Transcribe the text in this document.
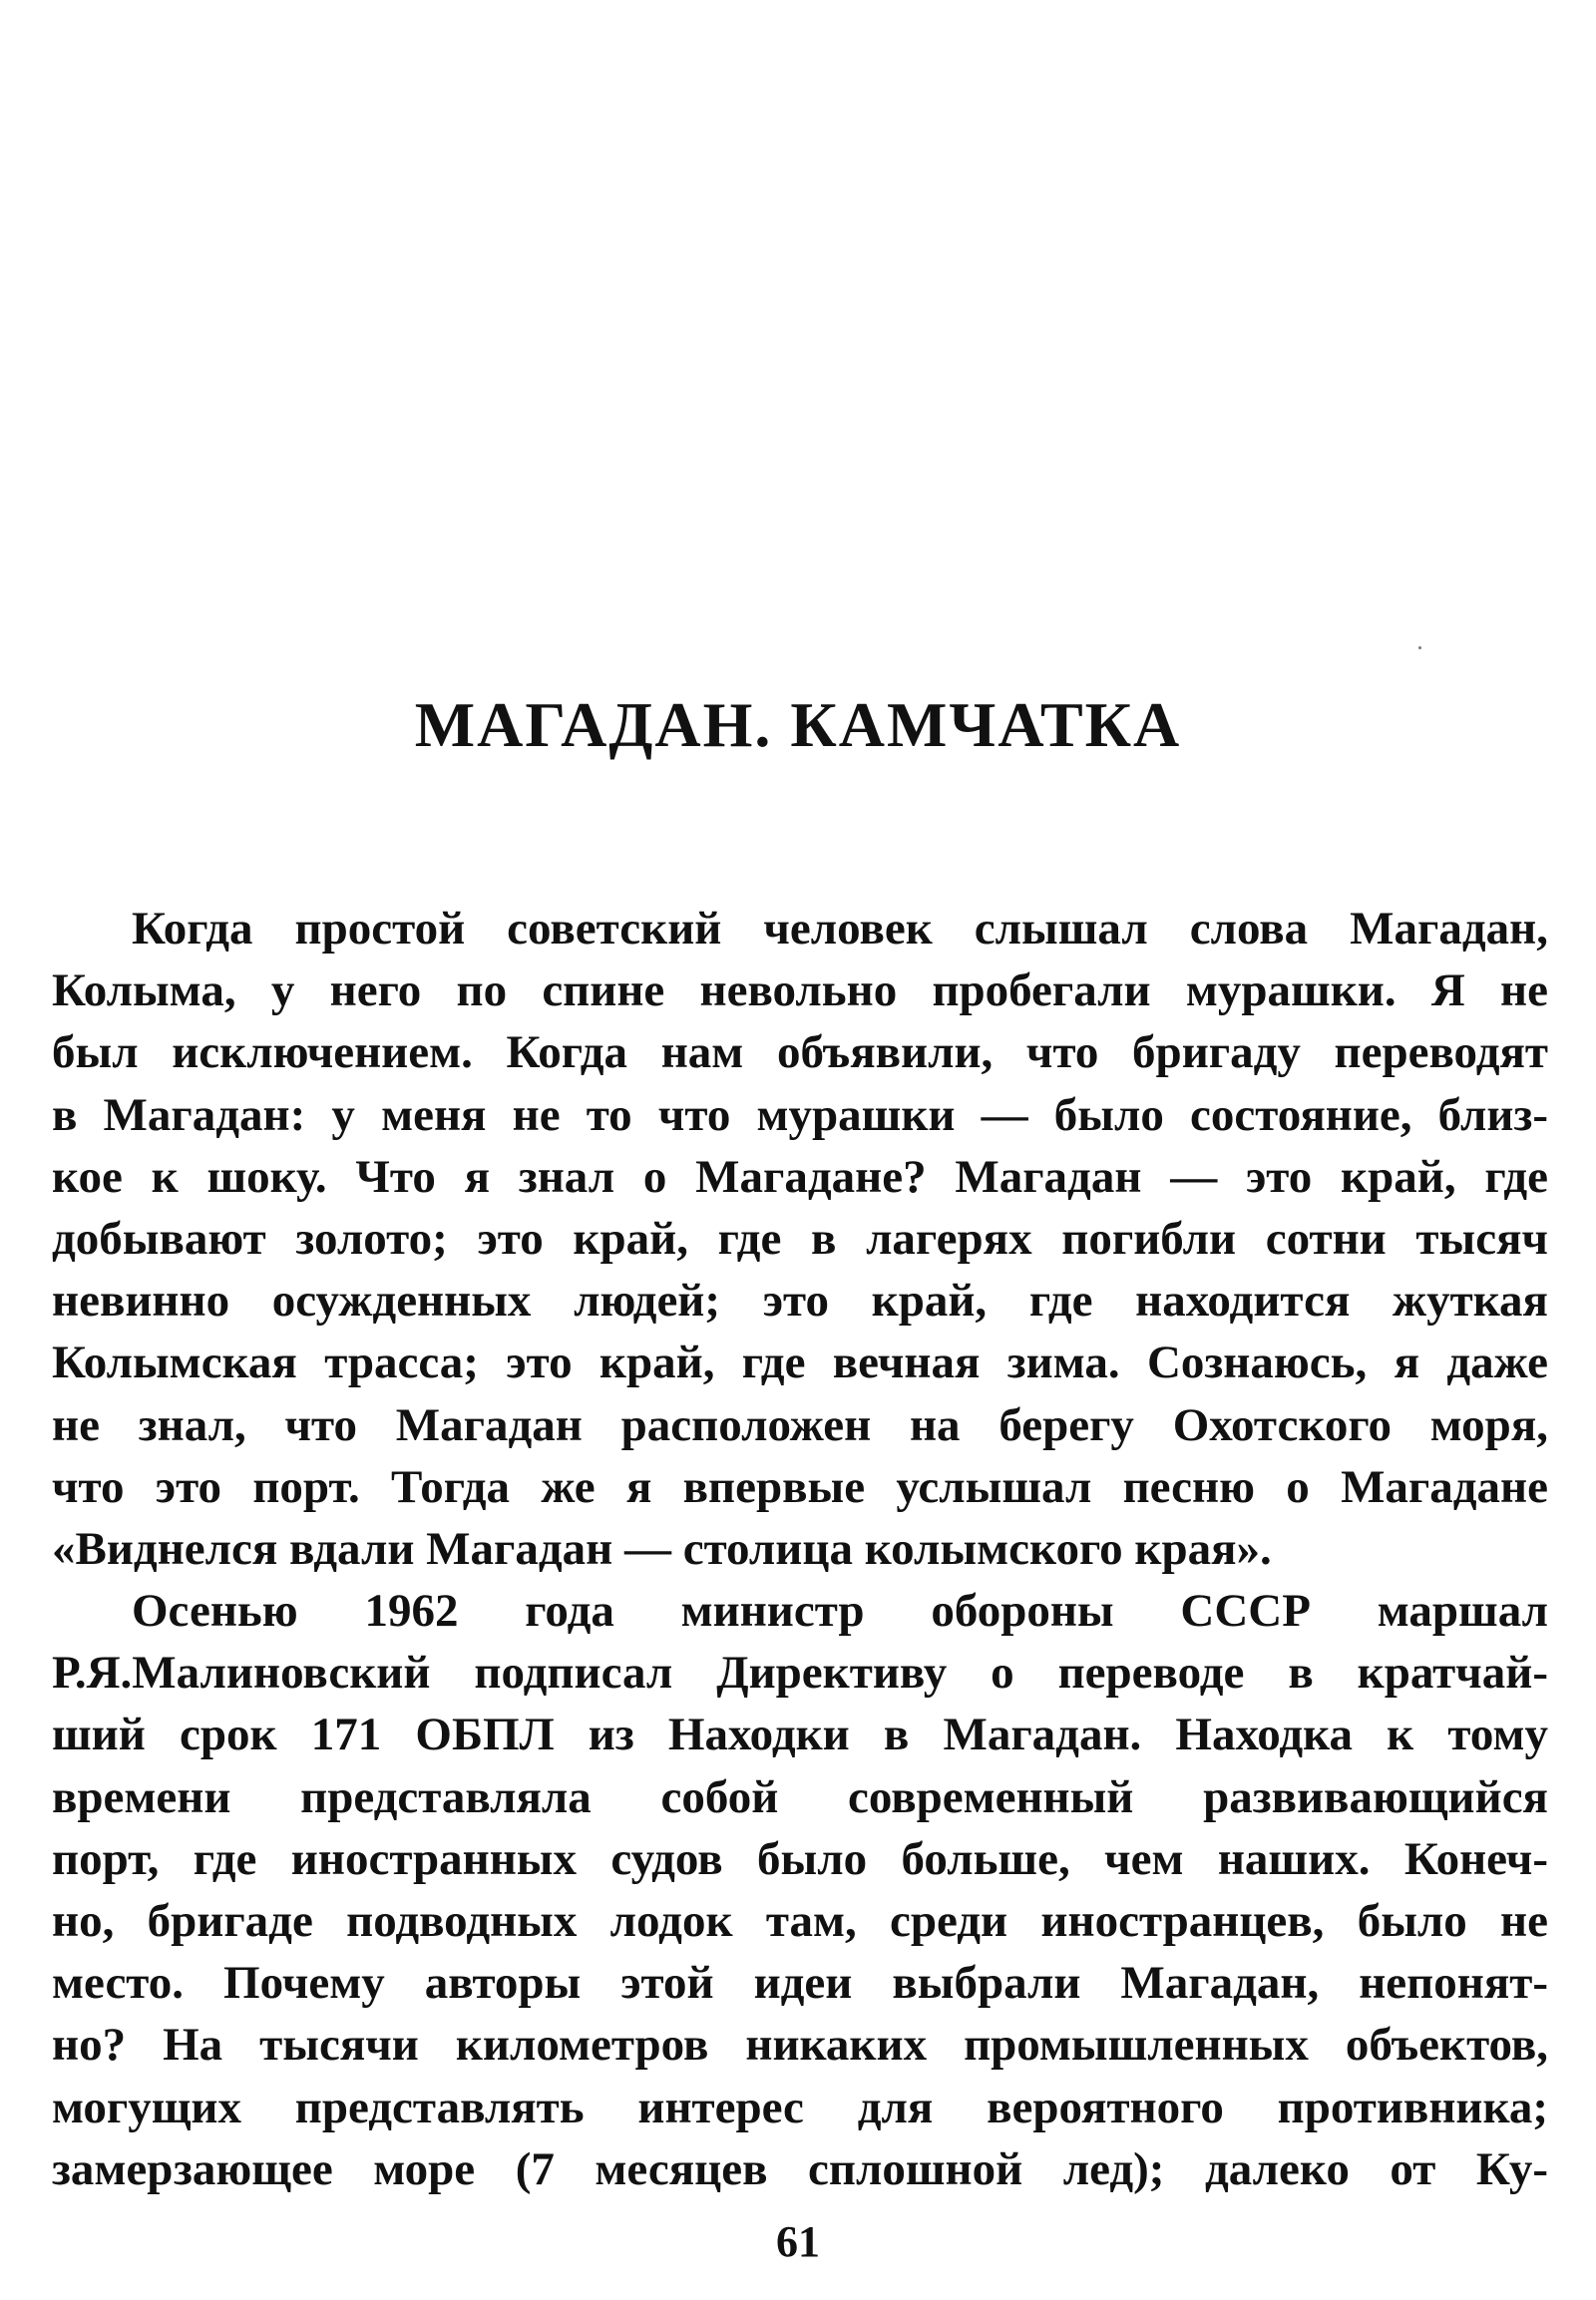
МАГАДАН. КАМЧАТКА
Когда простой советский человек слышал слова Магадан,
Колыма, у него по спине невольно пробегали мурашки. Я не
был исключением. Когда нам объявили, что бригаду переводят
в Магадан: у меня не то что мурашки — было состояние, близ-
кое к шоку. Что я знал о Магадане? Магадан — это край, где
добывают золото; это край, где в лагерях погибли сотни тысяч
невинно осужденных людей; это край, где находится жуткая
Колымская трасса; это край, где вечная зима. Сознаюсь, я даже
не знал, что Магадан расположен на берегу Охотского моря,
что это порт. Тогда же я впервые услышал песню о Магадане
«Виднелся вдали Магадан — столица колымского края».
Осенью 1962 года министр обороны СССР маршал
Р.Я.Малиновский подписал Директиву о переводе в кратчай-
ший срок 171 ОБПЛ из Находки в Магадан. Находка к тому
времени представляла собой современный развивающийся
порт, где иностранных судов было больше, чем наших. Конеч-
но, бригаде подводных лодок там, среди иностранцев, было не
место. Почему авторы этой идеи выбрали Магадан, непонят-
но? На тысячи километров никаких промышленных объектов,
могущих представлять интерес для вероятного противника;
замерзающее море (7 месяцев сплошной лед); далеко от Ку-
61
